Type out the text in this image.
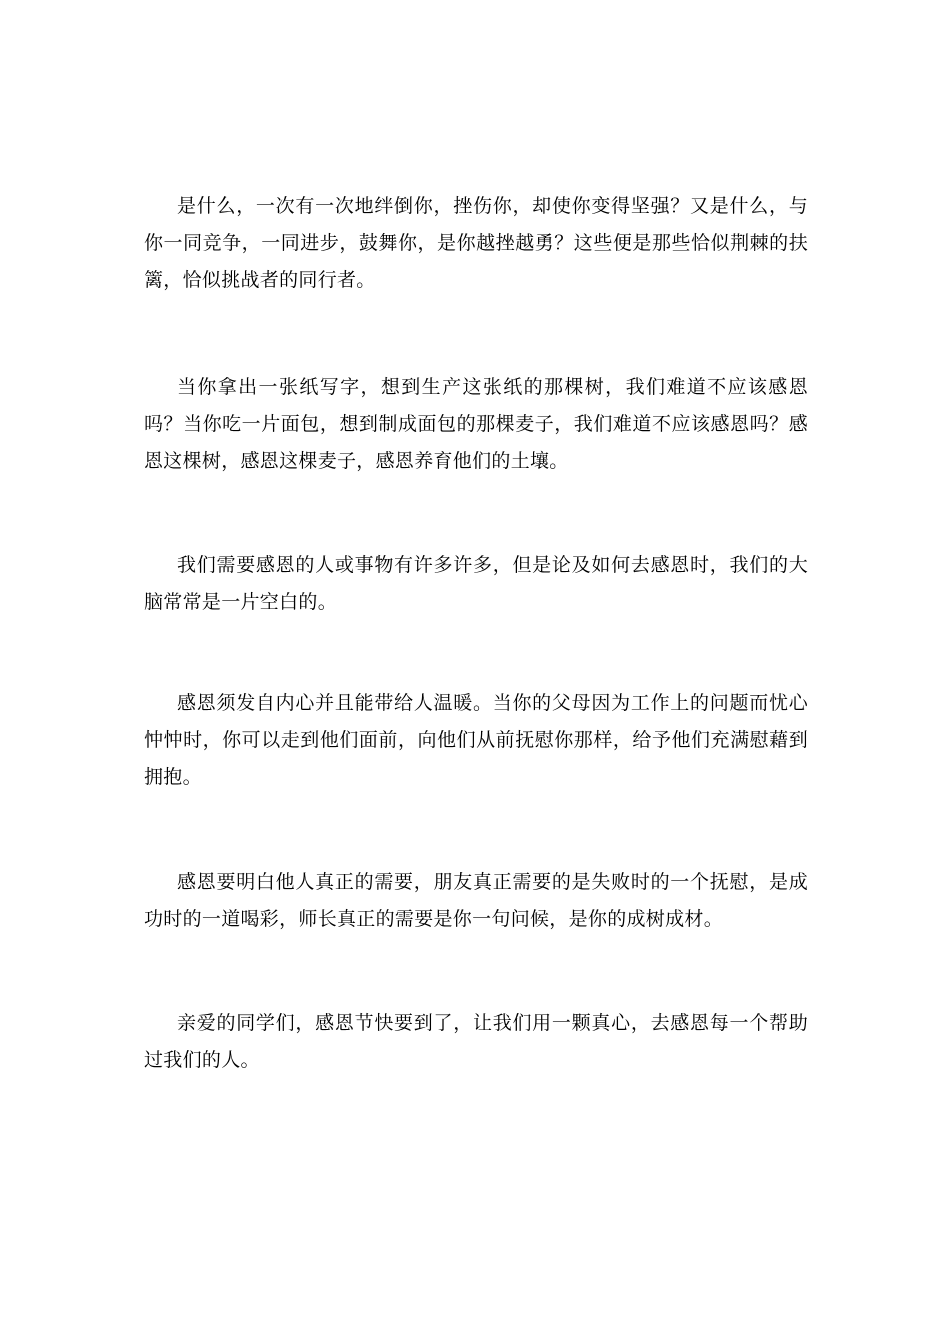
是什么，一次有一次地绊倒你，挫伤你，却使你变得坚强？又是什么，与你一同竞争，一同进步，鼓舞你，是你越挫越勇？这些便是那些恰似荆棘的扶篱，恰似挑战者的同行者。

当你拿出一张纸写字，想到生产这张纸的那棵树，我们难道不应该感恩吗？当你吃一片面包，想到制成面包的那棵麦子，我们难道不应该感恩吗？感恩这棵树，感恩这棵麦子，感恩养育他们的土壤。

我们需要感恩的人或事物有许多许多，但是论及如何去感恩时，我们的大脑常常是一片空白的。

感恩须发自内心并且能带给人温暖。当你的父母因为工作上的问题而忧心忡忡时，你可以走到他们面前，向他们从前抚慰你那样，给予他们充满慰藉到拥抱。

感恩要明白他人真正的需要，朋友真正需要的是失败时的一个抚慰，是成功时的一道喝彩，师长真正的需要是你一句问候，是你的成树成材。

亲爱的同学们，感恩节快要到了，让我们用一颗真心，去感恩每一个帮助过我们的人。
